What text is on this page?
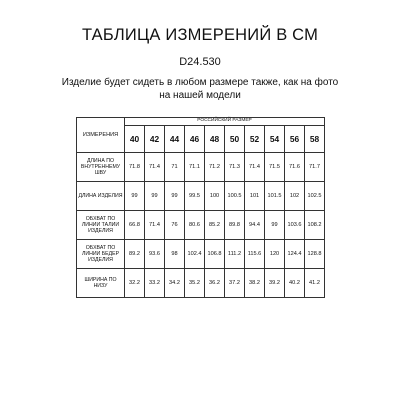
ТАБЛИЦА ИЗМЕРЕНИЙ В СМ
D24.530
Изделие будет сидеть в любом размере также, как на фото на нашей модели
ИЗМЕРЕНИЯ	РОССИЙСКИЙ РАЗМЕР									
	40	42	44	46	48	50	52	54	56	58
ДЛИНА ПО ВНУТРЕННЕМУ ШВУ	71.8	71.4	71	71.1	71.2	71.3	71.4	71.5	71.6	71.7
ДЛИНА ИЗДЕЛИЯ	99	99	99	99.5	100	100.5	101	101.5	102	102.5
ОБХВАТ ПО ЛИНИИ ТАЛИИ ИЗДЕЛИЯ	66.8	71.4	76	80.6	85.2	89.8	94.4	99	103.6	108.2
ОБХВАТ ПО ЛИНИИ БЕДЕР ИЗДЕЛИЯ	89.2	93.6	98	102.4	106.8	111.2	115.6	120	124.4	128.8
ШИРИНА ПО НИЗУ	32.2	33.2	34.2	35.2	36.2	37.2	38.2	39.2	40.2	41.2
